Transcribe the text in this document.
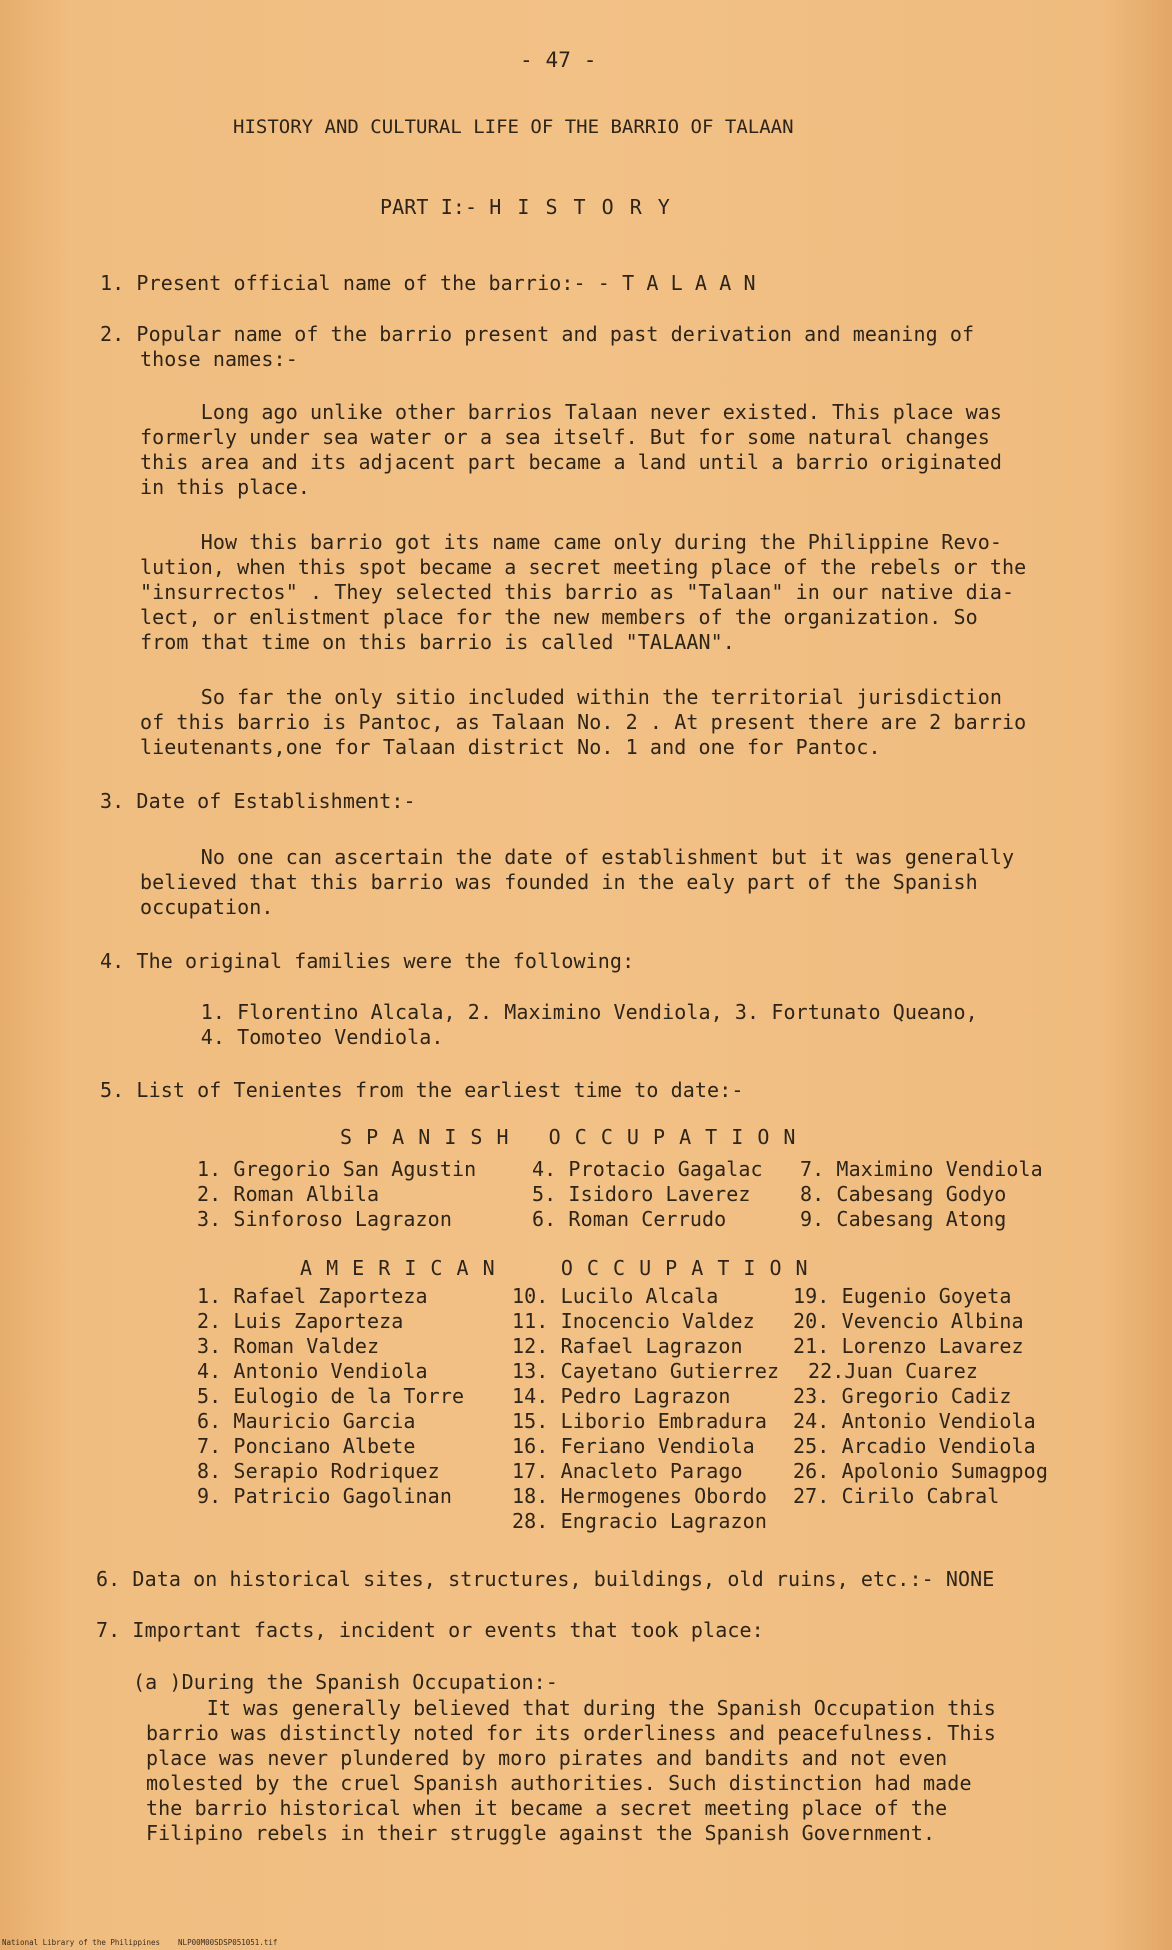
- 47 -
HISTORY AND CULTURAL LIFE OF THE BARRIO OF TALAAN
PART I:- H I S T O R Y
1. Present official name of the barrio:- - T A L A A N
2. Popular name of the barrio present and past derivation and meaning of
those names:-
Long ago unlike other barrios Talaan never existed. This place was
formerly under sea water or a sea itself. But for some natural changes
this area and its adjacent part became a land until a barrio originated
in this place.
How this barrio got its name came only during the Philippine Revo-
lution, when this spot became a secret meeting place of the rebels or the
"insurrectos" . They selected this barrio as "Talaan" in our native dia-
lect, or enlistment place for the new members of the organization. So
from that time on this barrio is called "TALAAN".
So far the only sitio included within the territorial jurisdiction
of this barrio is Pantoc, as Talaan No. 2 . At present there are 2 barrio
lieutenants,one for Talaan district No. 1 and one for Pantoc.
3. Date of Establishment:-
No one can ascertain the date of establishment but it was generally
believed that this barrio was founded in the ealy part of the Spanish
occupation.
4. The original families were the following:
1. Florentino Alcala, 2. Maximino Vendiola, 3. Fortunato Queano,
4. Tomoteo Vendiola.
5. List of Tenientes from the earliest time to date:-
S P A N I S H   O C C U P A T I O N
1. Gregorio San Agustin	4. Protacio Gagalac 7. Maximino Vendiola
2. Roman Albila	5. Isidoro Laverez 8. Cabesang Godyo
3. Sinforoso Lagrazon	6. Roman Cerrudo	9. Cabesang Atong
A M E R I C A N     O C C U P A T I O N
1. Rafael Zaporteza	10. Lucilo Alcala	19. Eugenio Goyeta
2. Luis Zaporteza	11. Inocencio Valdez 20. Vevencio Albina
3. Roman Valdez	12. Rafael Lagrazon	21. Lorenzo Lavarez
4. Antonio Vendiola	13. Cayetano Gutierrez 22.Juan Cuarez
5. Eulogio de la Torre 14. Pedro Lagrazon	23. Gregorio Cadiz
6. Mauricio Garcia	15. Liborio Embradura 24. Antonio Vendiola
7. Ponciano Albete	16. Feriano Vendiola 25. Arcadio Vendiola
8. Serapio Rodriquez	17. Anacleto Parago	26. Apolonio Sumagpog
9. Patricio Gagolinan	18. Hermogenes Obordo 27. Cirilo Cabral
28. Engracio Lagrazon
6. Data on historical sites, structures, buildings, old ruins, etc.:- NONE
7. Important facts, incident or events that took place:
(a )During the Spanish Occupation:-
It was generally believed that during the Spanish Occupation this
barrio was distinctly noted for its orderliness and peacefulness. This
place was never plundered by moro pirates and bandits and not even
molested by the cruel Spanish authorities. Such distinction had made
the barrio historical when it became a secret meeting place of the
Filipino rebels in their struggle against the Spanish Government.
National Library of the Philippines NLP00M00SDSP051051.tif
